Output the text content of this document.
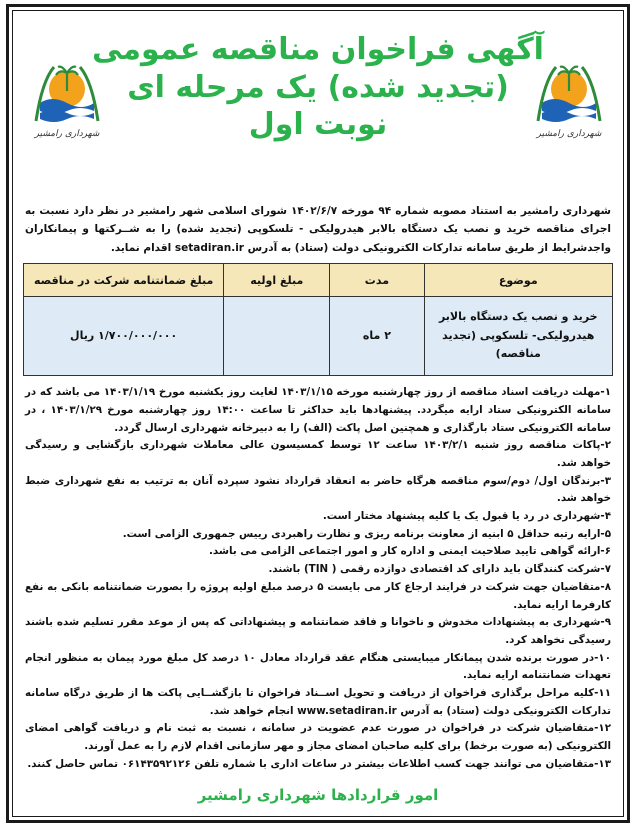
شهرداری رامشیر
شهرداری رامشیر
آگهی فراخوان مناقصه عمومی
(تجدید شده) یک مرحله ای
نوبت اول

شهرداری رامشیر به استناد مصوبه شماره ۹۴ مورخه ۱۴۰۲/۶/۷ شورای اسلامی شهر رامشیر در نظر دارد نسبت به اجرای مناقصه خرید و نصب یک دستگاه بالابر هیدرولیکی - تلسکوپی (تجدید شده) را به شــرکتها و پیمانکاران واجدشرایط از طریق سامانه تدارکات الکترونیکی دولت (ستاد) به آدرس setadiran.ir اقدام نماید.

موضوع	مدت	مبلغ اولیه	مبلغ ضمانتنامه شرکت در مناقصه
خرید و نصب یک دستگاه بالابر هیدرولیکی- تلسکوپی (تجدید مناقصه)	۲ ماه		۱/۷۰۰/۰۰۰/۰۰۰ ریال
۱-مهلت دریافت اسناد مناقصه از روز چهارشنبه مورخه ۱۴۰۳/۱/۱۵ لغایت روز یکشنبه مورخ ۱۴۰۳/۱/۱۹ می باشد که در سامانه الکترونیکی ستاد ارایه میگردد. پیشنهادها باید حداکثر تا ساعت ۱۴:۰۰ روز چهارشنبه مورخ ۱۴۰۳/۱/۲۹ ، در سامانه الکترونیکی ستاد بارگذاری و همچنین اصل پاکت (الف) را به دبیرخانه شهرداری ارسال گردد.
۲-پاکات مناقصه روز شنبه ۱۴۰۳/۲/۱ ساعت ۱۲ توسط کمسیسون عالی معاملات شهرداری بازگشایی و رسیدگی خواهد شد.
۳-برندگان اول/ دوم/سوم مناقصه هرگاه حاضر به انعقاد قرارداد نشود سپرده آنان به ترتیب به نفع شهرداری ضبط خواهد شد.
۴-شهرداری در رد یا قبول یک یا کلیه پیشنهاد مختار است.
۵-ارایه رتبه حداقل ۵ ابنیه از معاونت برنامه ریزی و نظارت راهبردی رییس جمهوری الزامی است.
۶-ارائه گواهی تایید صلاحیت ایمنی و اداره کار و امور اجتماعی الزامی می باشد.
۷-شرکت کنندگان باید دارای کد اقتصادی دوازده رقمی ( TIN) باشند.
۸-متقاضیان جهت شرکت در فرایند ارجاع کار می بایست ۵ درصد مبلغ اولیه پروژه را بصورت ضمانتنامه بانکی به نفع کارفرما ارایه نماید.
۹-شهرداری به پیشنهادات مخدوش و ناخوانا و فاقد ضمانتنامه و پیشنهاداتی که پس از موعد مقرر تسلیم شده باشند رسیدگی نخواهد کرد.
۱۰-در صورت برنده شدن پیمانکار میبایستی هنگام عقد قرارداد معادل ۱۰ درصد کل مبلغ مورد پیمان به منظور انجام تعهدات ضمانتنامه ارایه نماید.
۱۱-کلیه مراحل برگذاری فراخوان از دریافت و تحویل اســناد فراخوان تا بازگشــایی پاکت ها از طریق درگاه سامانه تدارکات الکترونیکی دولت (ستاد) به آدرس www.setadiran.ir انجام خواهد شد.
۱۲-متقاضیان شرکت در فراخوان در صورت عدم عضویت در سامانه ، نسبت به ثبت نام و دریافت گواهی امضای الکترونیکی (به صورت برخط) برای کلیه صاحبان امضای مجاز و مهر سازمانی اقدام لازم را به عمل آورند.
۱۳-متقاضیان می توانند جهت کسب اطلاعات بیشتر در ساعات اداری با شماره تلفن ۰۶۱۴۳۵۹۲۱۲۶ تماس حاصل کنند.
امور قراردادها شهرداری رامشیر
